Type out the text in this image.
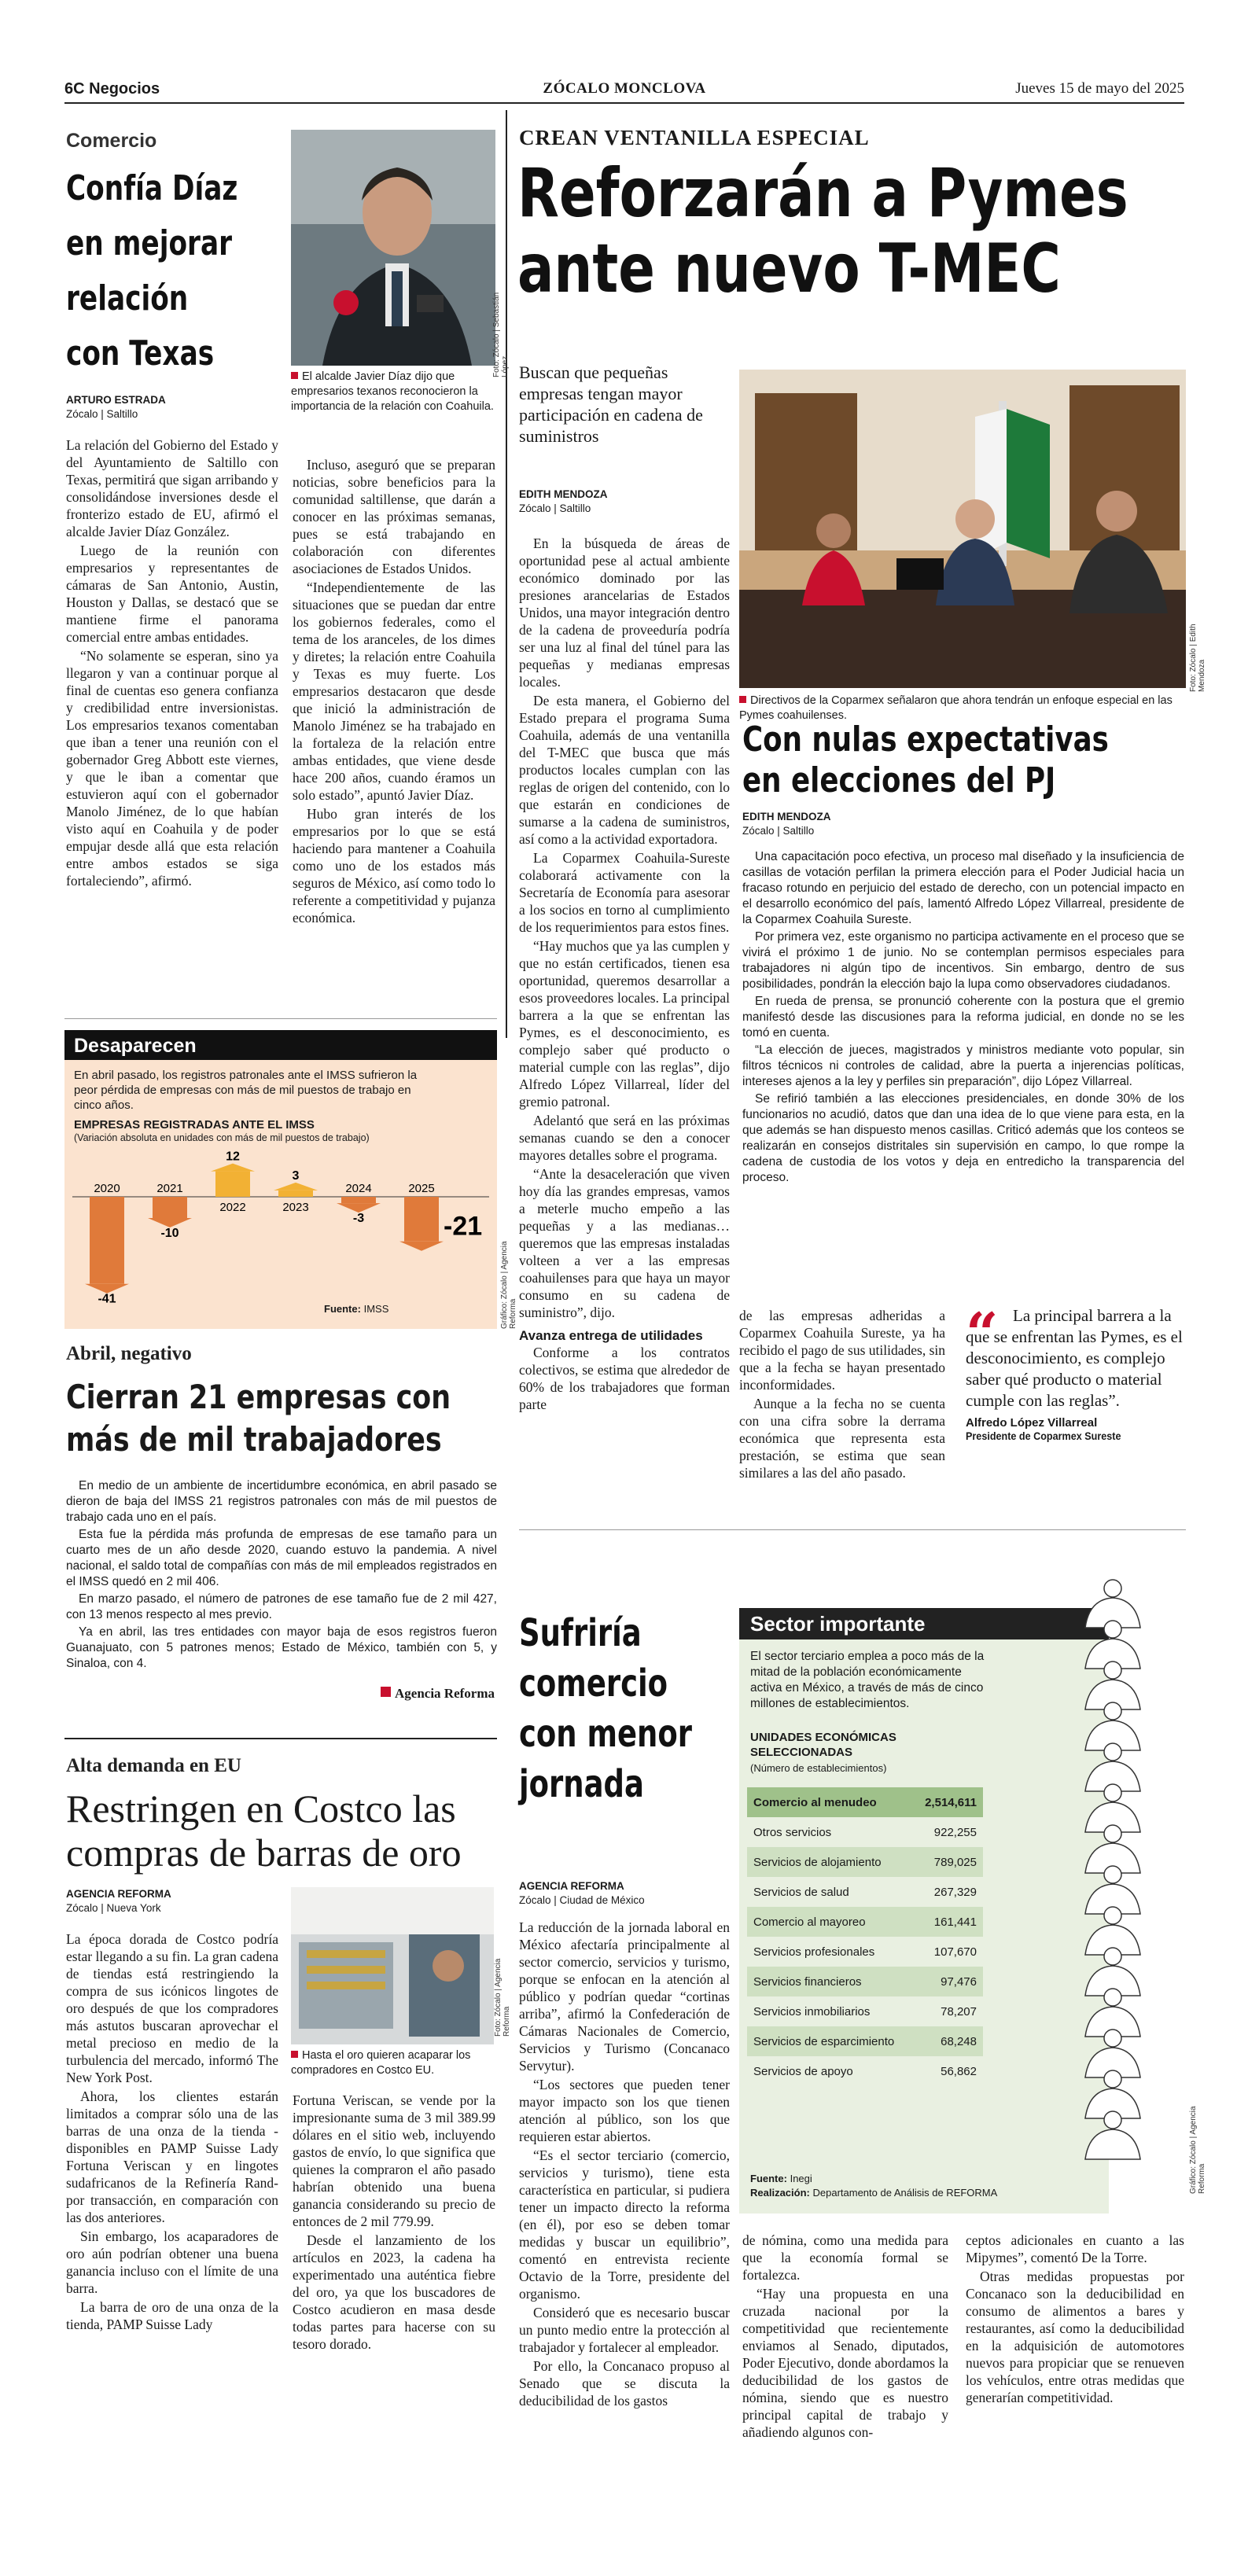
6C Negocios	ZÓCALO MONCLOVA	Jueves 15 de mayo del 2025
Comercio
Confía Díaz
en mejorar
relación
con Texas
ARTURO ESTRADA
Zócalo | Saltillo
Foto: Zócalo | Sebastián López
El alcalde Javier Díaz dijo que empresarios texanos reconocieron la importancia de la relación con Coahuila.

La relación del Gobierno del Estado y del Ayuntamiento de Saltillo con Texas, permitirá que sigan arribando y consolidándose inversiones desde el fronterizo estado de EU, afirmó el alcalde Javier Díaz González.

Luego de la reunión con empresarios y representantes de cámaras de San Antonio, Austin, Houston y Dallas, se destacó que se mantiene firme el panorama comercial entre ambas entidades.

“No solamente se esperan, sino ya llegaron y van a continuar porque al final de cuentas eso genera confianza y credibilidad entre inversionistas. Los empresarios texanos comentaban que iban a tener una reunión con el gobernador Greg Abbott este viernes, y que le iban a comentar que estuvieron aquí con el gobernador Manolo Jiménez, de lo que habían visto aquí en Coahuila y de poder empujar desde allá que esta relación entre ambos estados se siga fortaleciendo”, afirmó.

Incluso, aseguró que se preparan noticias, sobre beneficios para la comunidad saltillense, que darán a conocer en las próximas semanas, pues se está trabajando en colaboración con diferentes asociaciones de Estados Unidos.

“Independientemente de las situaciones que se puedan dar entre los gobiernos federales, como el tema de los aranceles, de los dimes y diretes; la relación entre Coahuila y Texas es muy fuerte. Los empresarios destacaron que desde que inició la administración de Manolo Jiménez se ha trabajado en la fortaleza de la relación entre ambas entidades, que viene desde hace 200 años, cuando éramos un solo estado”, apuntó Javier Díaz.

Hubo gran interés de los empresarios por lo que se está haciendo para mantener a Coahuila como uno de los estados más seguros de México, así como todo lo referente a competitividad y pujanza económica.

Desaparecen
En abril pasado, los registros patronales ante el IMSS sufrieron la peor pérdida de empresas con más de mil puestos de trabajo en cinco años.
EMPRESAS REGISTRADAS ANTE EL IMSS
(Variación absoluta en unidades con más de mil puestos de trabajo)
2020
-41
2021
-10
2022
12
2023
3
2024
-3
2025
-21
Fuente: IMSS	Gráfico: Zócalo | Agencia Reforma
Abril, negativo
Cierran 21 empresas con más de mil trabajadores

En medio de un ambiente de incertidumbre económica, en abril pasado se dieron de baja del IMSS 21 registros patronales con más de mil puestos de trabajo cada uno en el país.

Esta fue la pérdida más profunda de empresas de ese tamaño para un cuarto mes de un año desde 2020, cuando estuvo la pandemia. A nivel nacional, el saldo total de compañías con más de mil empleados registrados en el IMSS quedó en 2 mil 406.

En marzo pasado, el número de patrones de ese tamaño fue de 2 mil 427, con 13 menos respecto al mes previo.

Ya en abril, las tres entidades con mayor baja de esos registros fueron Guanajuato, con 5 patrones menos; Estado de México, también con 5, y Sinaloa, con 4.

Agencia Reforma
Alta demanda en EU
Restringen en Costco las compras de barras de oro
AGENCIA REFORMA
Zócalo | Nueva York
Foto: Zócalo | Agencia Reforma
Hasta el oro quieren acaparar los compradores en Costco EU.

La época dorada de Costco podría estar llegando a su fin. La gran cadena de tiendas está restringiendo la compra de sus icónicos lingotes de oro después de que los compradores más astutos buscaran aprovechar el metal precioso en medio de la turbulencia del mercado, informó The New York Post.

Ahora, los clientes estarán limitados a comprar sólo una de las barras de una onza de la tienda -disponibles en PAMP Suisse Lady Fortuna Veriscan y en lingotes sudafricanos de la Refinería Rand- por transacción, en comparación con las dos anteriores.

Sin embargo, los acaparadores de oro aún podrían obtener una buena ganancia incluso con el límite de una barra.

La barra de oro de una onza de la tienda, PAMP Suisse Lady

Fortuna Veriscan, se vende por la impresionante suma de 3 mil 389.99 dólares en el sitio web, incluyendo gastos de envío, lo que significa que quienes la compraron el año pasado habrían obtenido una buena ganancia considerando su precio de entonces de 2 mil 779.99.

Desde el lanzamiento de los artículos en 2023, la cadena ha experimentado una auténtica fiebre del oro, ya que los buscadores de Costco acudieron en masa desde todas partes para hacerse con su tesoro dorado.

CREAN VENTANILLA ESPECIAL
Reforzarán a Pymes
ante nuevo T-MEC
Buscan que pequeñas empresas tengan mayor participación en cadena de suministros
EDITH MENDOZA
Zócalo | Saltillo
Foto: Zócalo | Edith Mendoza
Directivos de la Coparmex señalaron que ahora tendrán un enfoque especial en las Pymes coahuilenses.

En la búsqueda de áreas de oportunidad pese al actual ambiente económico dominado por las presiones arancelarias de Estados Unidos, una mayor integración dentro de la cadena de proveeduría podría ser una luz al final del túnel para las pequeñas y medianas empresas locales.

De esta manera, el Gobierno del Estado prepara el programa Suma Coahuila, además de una ventanilla del T-MEC que busca que más productos locales cumplan con las reglas de origen del contenido, con lo que estarán en condiciones de sumarse a la cadena de suministros, así como a la actividad exportadora.

La Coparmex Coahuila-Sureste colaborará activamente con la Secretaría de Economía para asesorar a los socios en torno al cumplimiento de los requerimientos para estos fines.

“Hay muchos que ya las cumplen y que no están certificados, tienen esa oportunidad, queremos desarrollar a esos proveedores locales. La principal barrera a la que se enfrentan las Pymes, es el desconocimiento, es complejo saber qué producto o material cumple con las reglas”, dijo Alfredo López Villarreal, líder del gremio patronal.

Adelantó que será en las próximas semanas cuando se den a conocer mayores detalles sobre el programa.

“Ante la desaceleración que viven hoy día las grandes empresas, vamos a meterle mucho empeño a las pequeñas y a las medianas… queremos que las empresas instaladas volteen a ver a las empresas coahuilenses para que haya un mayor consumo en su cadena de suministro”, dijo.

Avanza entrega de utilidades

Conforme a los contratos colectivos, se estima que alrededor de 60% de los trabajadores que forman parte

Con nulas expectativas
en elecciones del PJ
EDITH MENDOZA
Zócalo | Saltillo

Una capacitación poco efectiva, un proceso mal diseñado y la insuficiencia de casillas de votación perfilan la primera elección para el Poder Judicial hacia un fracaso rotundo en perjuicio del estado de derecho, con un potencial impacto en el desarrollo económico del país, lamentó Alfredo López Villarreal, presidente de la Coparmex Coahuila Sureste.

Por primera vez, este organismo no participa activamente en el proceso que se vivirá el próximo 1 de junio. No se contemplan permisos especiales para trabajadores ni algún tipo de incentivos. Sin embargo, dentro de sus posibilidades, pondrán la elección bajo la lupa como observadores ciudadanos.

En rueda de prensa, se pronunció coherente con la postura que el gremio manifestó desde las discusiones para la reforma judicial, en donde no se les tomó en cuenta.

“La elección de jueces, magistrados y ministros mediante voto popular, sin filtros técnicos ni controles de calidad, abre la puerta a injerencias políticas, intereses ajenos a la ley y perfiles sin preparación”, dijo López Villarreal.

Se refirió también a las elecciones presidenciales, en donde 30% de los funcionarios no acudió, datos que dan una idea de lo que viene para esta, en la que además se han dispuesto menos casillas. Criticó además que los conteos se realizarán en consejos distritales sin supervisión en campo, lo que rompe la cadena de custodia de los votos y deja en entredicho la transparencia del proceso.

de las empresas adheridas a Coparmex Coahuila Sureste, ya ha recibido el pago de sus utilidades, sin que a la fecha se hayan presentado inconformidades.

Aunque a la fecha no se cuenta con una cifra sobre la derrama económica que representa esta prestación, se estima que sean similares a las del año pasado.

“ La principal barrera a la que se enfrentan las Pymes, es el desconocimiento, es complejo saber qué producto o material cumple con las reglas”.
Alfredo López Villarreal
Presidente de Coparmex Sureste
Sufriría
comercio
con menor
jornada
AGENCIA REFORMA
Zócalo | Ciudad de México

La reducción de la jornada laboral en México afectaría principalmente al sector comercio, servicios y turismo, porque se enfocan en la atención al público y podrían quedar “cortinas arriba”, afirmó la Confederación de Cámaras Nacionales de Comercio, Servicios y Turismo (Concanaco Servytur).

“Los sectores que pueden tener mayor impacto son los que tienen atención al público, son los que requieren estar abiertos.

“Es el sector terciario (comercio, servicios y turismo), tiene esta característica en particular, si pudiera tener un impacto directo la reforma (en él), por eso se deben tomar medidas y buscar un equilibrio”, comentó en entrevista reciente Octavio de la Torre, presidente del organismo.

Consideró que es necesario buscar un punto medio entre la protección al trabajador y fortalecer al empleador.

Por ello, la Concanaco propuso al Senado que se discuta la deducibilidad de los gastos

de nómina, como una medida para que la economía formal se fortalezca.

“Hay una propuesta en una cruzada nacional por la competitividad que recientemente enviamos al Senado, diputados, Poder Ejecutivo, donde abordamos la deducibilidad de los gastos de nómina, siendo que es nuestro principal capital de trabajo y añadiendo algunos con-

ceptos adicionales en cuanto a las Mipymes”, comentó De la Torre.

Otras medidas propuestas por Concanaco son la deducibilidad en consumo de alimentos a bares y restaurantes, así como la deducibilidad en la adquisición de automotores nuevos para propiciar que se renueven los vehículos, entre otras medidas que generarían competitividad.

Sector importante
El sector terciario emplea a poco más de la mitad de la población económicamente activa en México, a través de más de cinco millones de establecimientos.
UNIDADES ECONÓMICAS SELECCIONADAS
(Número de establecimientos)
Comercio al menudeo	2,514,611
Otros servicios	922,255
Servicios de alojamiento	789,025
Servicios de salud	267,329
Comercio al mayoreo	161,441
Servicios profesionales	107,670
Servicios financieros	97,476
Servicios inmobiliarios	78,207
Servicios de esparcimiento	68,248
Servicios de apoyo	56,862
Fuente: Inegi
Realización: Departamento de Análisis de REFORMA	Gráfico: Zócalo | Agencia Reforma
